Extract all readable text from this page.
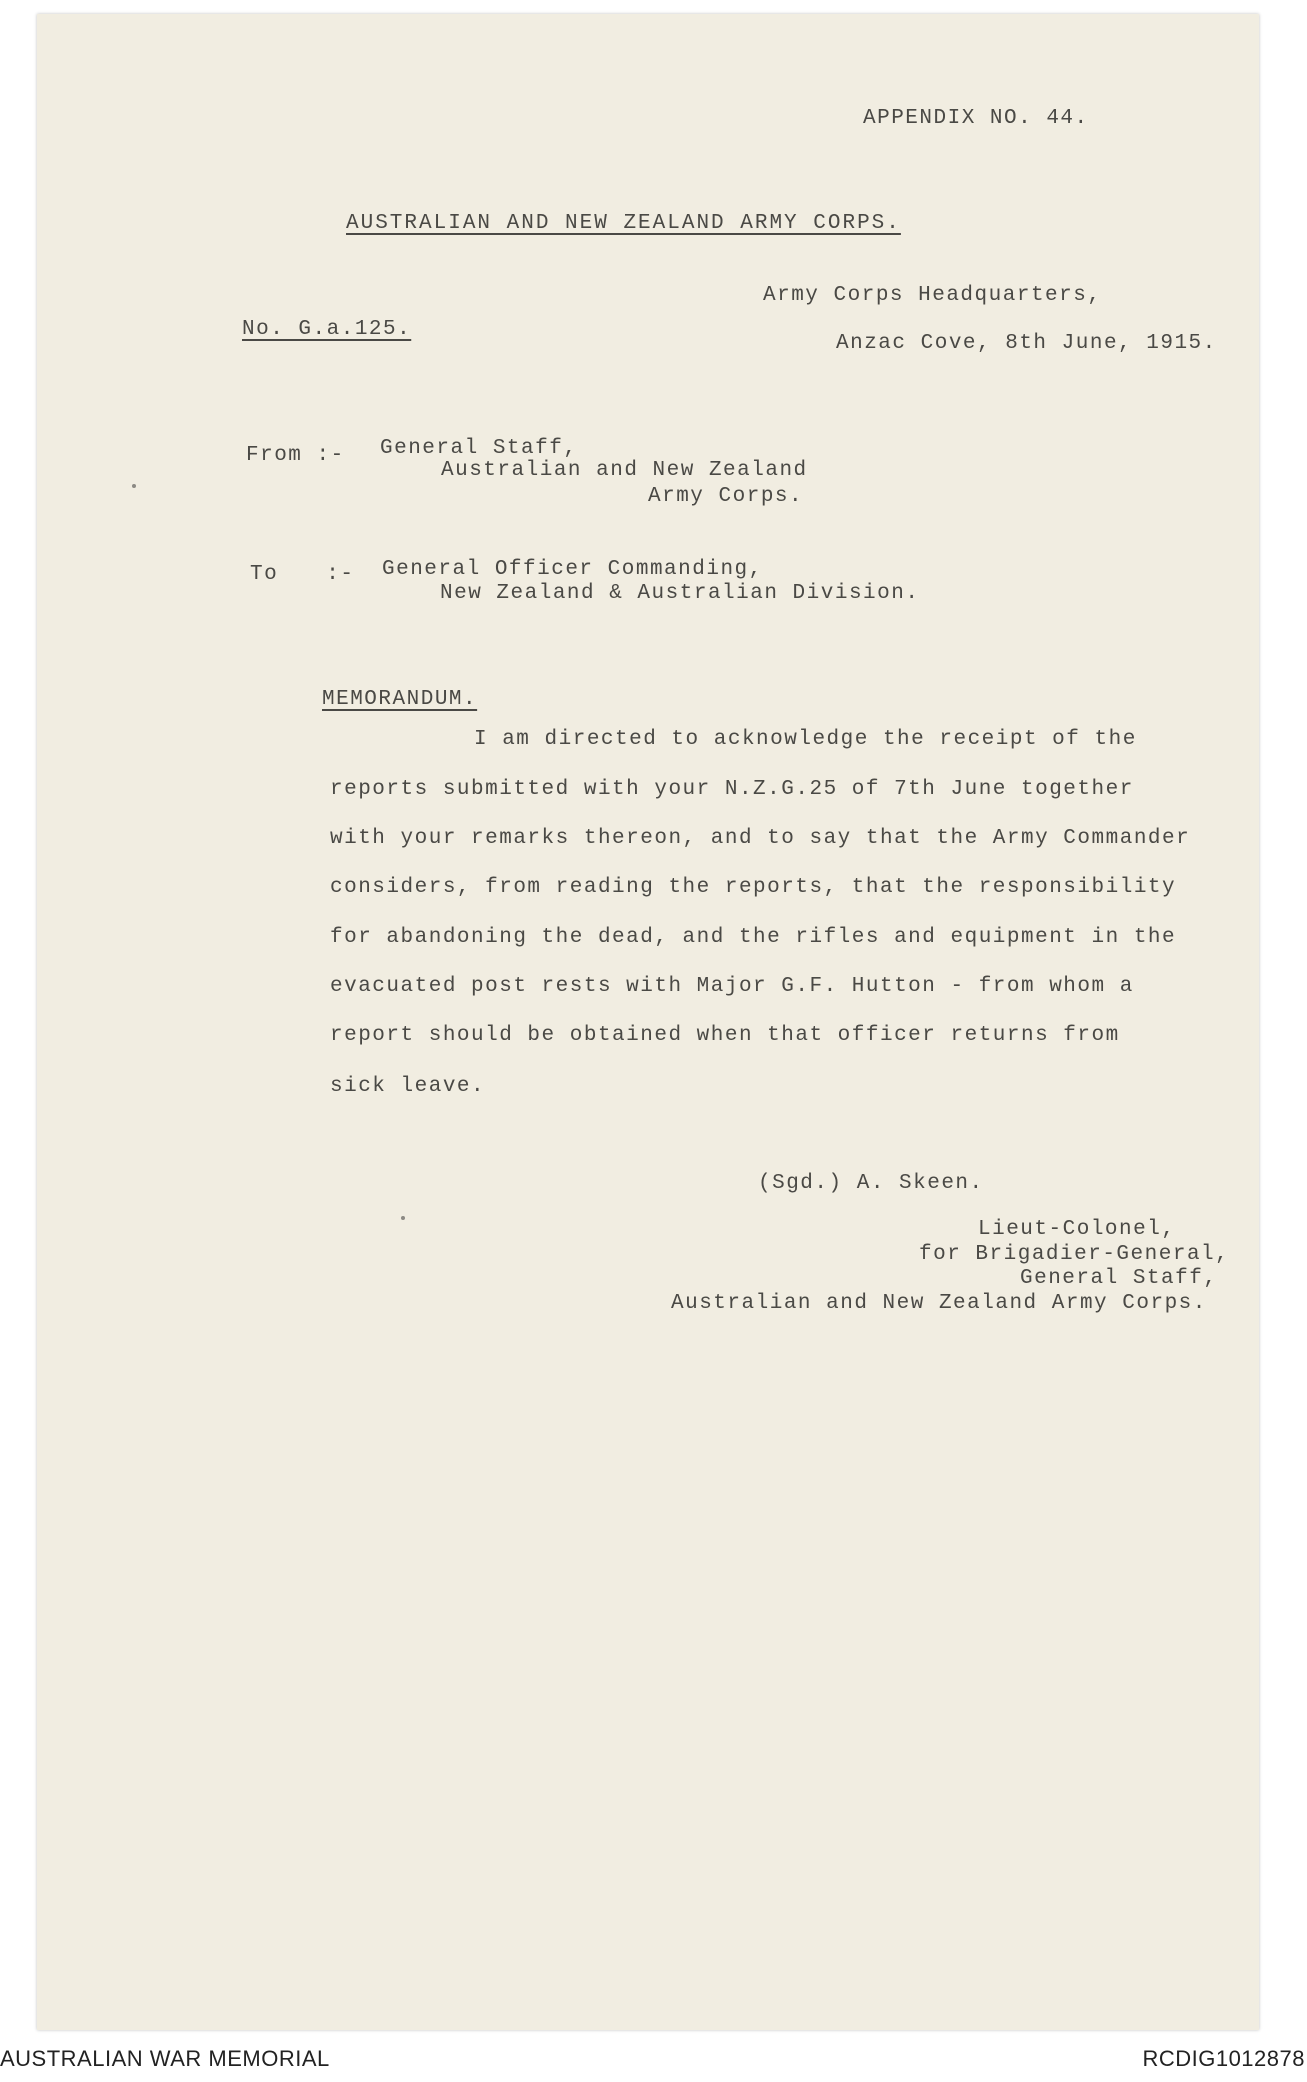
APPENDIX NO. 44.
AUSTRALIAN AND NEW ZEALAND ARMY CORPS.
Army Corps Headquarters,
No. G.a.125.
Anzac Cove, 8th June, 1915.
From :- General Staff,
Australian and New Zealand
Army Corps.
To :- General Officer Commanding,
New Zealand & Australian Division.
MEMORANDUM.
I am directed to acknowledge the receipt of the
reports submitted with your N.Z.G.25 of 7th June together
with your remarks thereon, and to say that the Army Commander
considers, from reading the reports, that the responsibility
for abandoning the dead, and the rifles and equipment in the
evacuated post rests with Major G.F. Hutton - from whom a
report should be obtained when that officer returns from
sick leave.
(Sgd.) A. Skeen.
Lieut-Colonel,
for Brigadier-General,
General Staff,
Australian and New Zealand Army Corps.
AUSTRALIAN WAR MEMORIAL	RCDIG1012878
